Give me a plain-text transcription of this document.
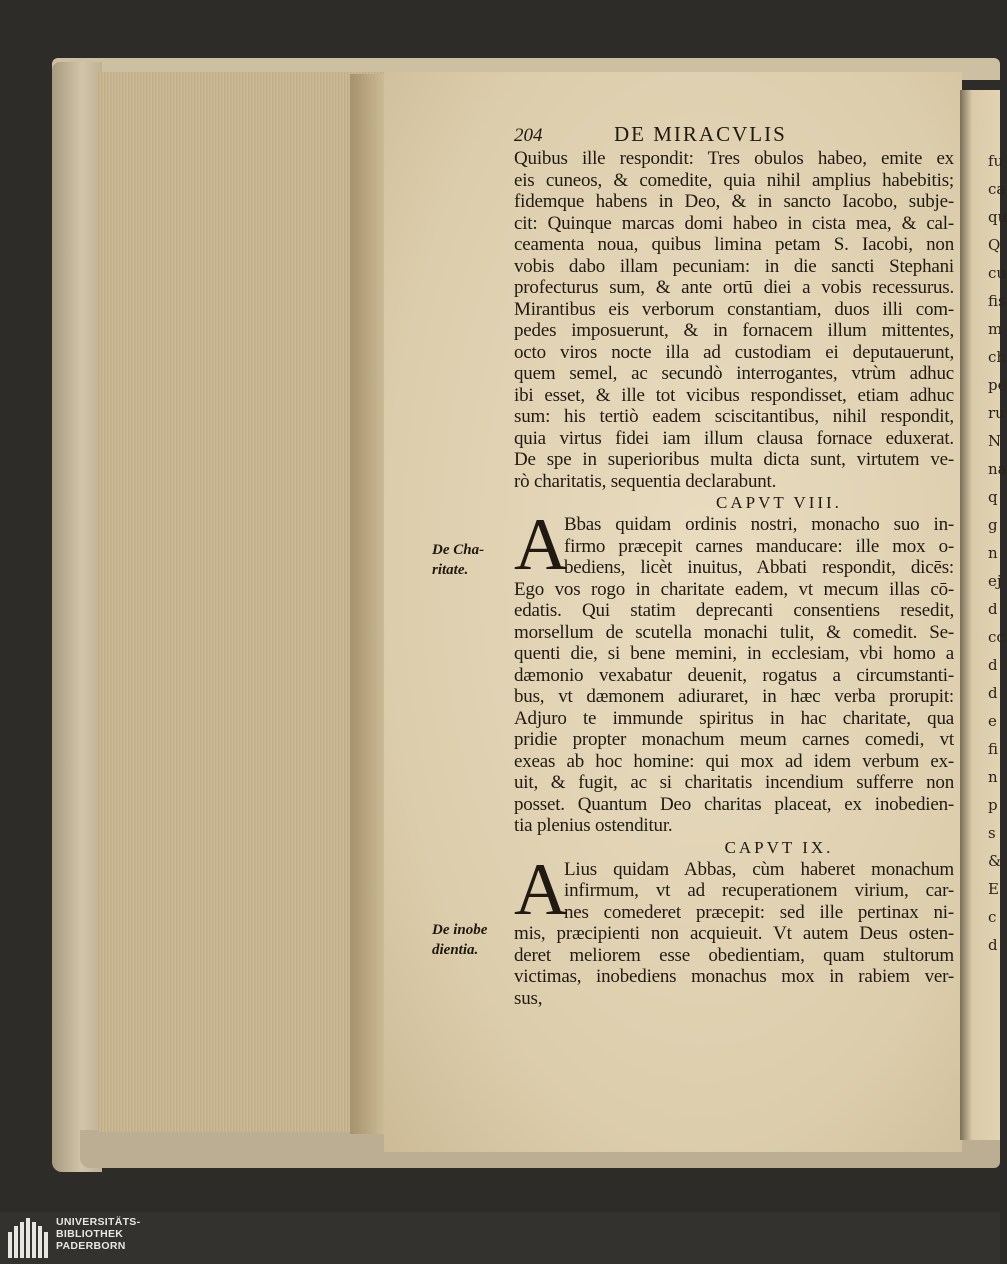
fu
ca
qu
Q
cu
fis
m
ch
pe
ru
N
na
q
g
n
ej
d
cc
d
d
e
fi
n
p
s
&
E
c
d
De Cha-ritate.
De inobe dientia.
204	DE MIRACVLIS
Quibus ille respondit: Tres obulos habeo, emite ex
eis cuneos, & comedite, quia nihil amplius habebitis;
fidemque habens in Deo, & in sancto Iacobo, subje-
cit: Quinque marcas domi habeo in cista mea, & cal-
ceamenta noua, quibus limina petam S. Iacobi, non
vobis dabo illam pecuniam: in die sancti Stephani
profecturus sum, & ante ortū diei a vobis recessurus.
Mirantibus eis verborum constantiam, duos illi com-
pedes imposuerunt, & in fornacem illum mittentes,
octo viros nocte illa ad custodiam ei deputauerunt,
quem semel, ac secundò interrogantes, vtrùm adhuc
ibi esset, & ille tot vicibus respondisset, etiam adhuc
sum: his tertiò eadem sciscitantibus, nihil respondit,
quia virtus fidei iam illum clausa fornace eduxerat.
De spe in superioribus multa dicta sunt, virtutem ve-
rò charitatis, sequentia declarabunt.
CAPVT VIII.
A
Bbas quidam ordinis nostri, monacho suo in-
firmo præcepit carnes manducare: ille mox o-
bediens, licèt inuitus, Abbati respondit, dicēs:
Ego vos rogo in charitate eadem, vt mecum illas cō-
edatis. Qui statim deprecanti consentiens resedit,
morsellum de scutella monachi tulit, & comedit. Se-
quenti die, si bene memini, in ecclesiam, vbi homo a
dæmonio vexabatur deuenit, rogatus a circumstanti-
bus, vt dæmonem adiuraret, in hæc verba prorupit:
Adjuro te immunde spiritus in hac charitate, qua
pridie propter monachum meum carnes comedi, vt
exeas ab hoc homine: qui mox ad idem verbum ex-
uit, & fugit, ac si charitatis incendium sufferre non
posset. Quantum Deo charitas placeat, ex inobedien-
tia plenius ostenditur.
CAPVT IX.
A
Lius quidam Abbas, cùm haberet monachum
infirmum, vt ad recuperationem virium, car-
nes comederet præcepit: sed ille pertinax ni-
mis, præcipienti non acquieuit. Vt autem Deus osten-
deret meliorem esse obedientiam, quam stultorum
victimas, inobediens monachus mox in rabiem ver-
sus,
UNIVERSITÄTS-
BIBLIOTHEK
PADERBORN
